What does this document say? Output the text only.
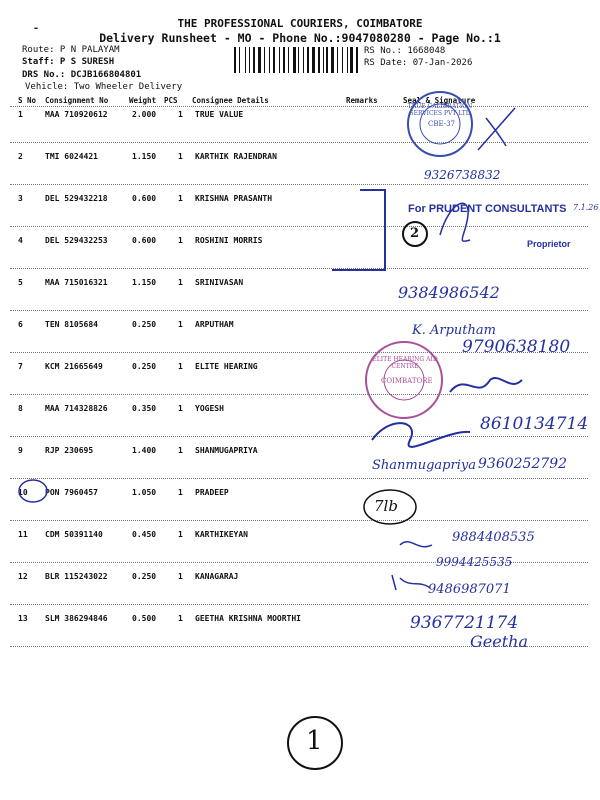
-	THE PROFESSIONAL COURIERS, COIMBATORE
Delivery Runsheet - MO - Phone No.:9047080280 - Page No.:1
Route: P N PALAYAM
Staff: P S SURESH
DRS No.: DCJB166804801
Vehicle: Two Wheeler Delivery
RS No.: 1668048
RS Date: 07-Jan-2026
S No Consignment No	Weight PCS Consignee Details	Remarks	Seal & Signature
1	MAA 710920612	2.000	1 TRUE VALUE
2	TMI 6024421	1.150	1 KARTHIK RAJENDRAN
3	DEL 529432218	0.600	1 KRISHNA PRASANTH
4	DEL 529432253	0.600	1 ROSHINI MORRIS
5	MAA 715016321	1.150	1 SRINIVASAN
6	TEN 8105684	0.250	1 ARPUTHAM
7	KCM 21665649	0.250	1 ELITE HEARING
8	MAA 714328826	0.350	1 YOGESH
9	RJP 230695	1.400	1 SHANMUGAPRIYA
10 PON 7960457	1.050	1 PRADEEP
11 CDM 50391140	0.450	1 KARTHIKEYAN
12 BLR 115243022	0.250	1 KANAGARAJ
13 SLM 386294846	0.500	1 GEETHA KRISHNA MOORTHI
TRUE CALIBRATION SERVICES PVT LTD
CBE-37
9326738832
For PRUDENT CONSULTANTS 7.1.26
2
Proprietor
9384986542
K. Arputham
9790638180
ELITE HEARING AID CENTRE
COIMBATORE
8610134714
Shanmugapriya 9360252792
7lb
9884408535
9994425535
9486987071
9367721174
Geetha
1
